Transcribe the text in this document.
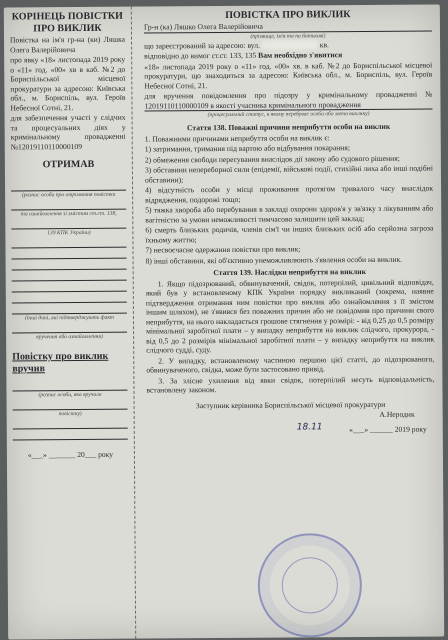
КОРІНЕЦЬ ПОВІСТКИ ПРО ВИКЛИК
Повістка на ім'я гр-на (ки) Ляшка Олега Валерійовича
про явку «18» листопада 2019 року о «11» год. «00» хв в каб. №2 до Бориспільської місцевої прокуратури за адресою: Київська обл., м. Бориспіль, вул. Героїв Небесної Сотні, 21.
для забезпечення участі у слідчих та процесуальних діях у кримінальному провадженні №12019110110000109
ОТРИМАВ
(розпис особи про отримання повістки
та ознайомлення зі змістом ст.ст. 138,
139 КПК України)
(інші дані, які підтверджують факт
вручення або ознайомлення)
Повістку про виклик вручив
(розпис особи, яка вручила
повістку)
«___» _______ 20___ року
ПОВІСТКА ПРО ВИКЛИК
Гр-н (ка) Ляшко Олега Валерійовича
(прізвище, ім'я та по батькові)
що зареєстрований за адресою: вул.	кв.
відповідно до вимог ст.ст. 133, 135 Вам необхідно з'явитися
«18» листопада 2019 року о «11» год. «00» хв. в каб. №2 до Бориспільської місцевої прокуратури, що знаходиться за адресою: Київська обл., м. Бориспіль, вул. Героїв Небесної Сотні, 21.
для вручення повідомлення про підозру у кримінальному провадженні № 12019110110000109 в якості учасника кримінального провадження
(процесуальний статус, в якому перебуває особа або мета виклику)
Стаття 138. Поважні причини неприбуття особи на виклик
1. Поважними причинами неприбуття особи на виклик є:
1) затримання, тримання під вартою або відбування покарання;
2) обмеження свободи пересування внаслідок дії закону або судового рішення;
3) обставини непереборної сили (епідемії, військові події, стихійні лиха або інші подібні обставини);
4) відсутність особи у місці проживання протягом тривалого часу внаслідок відрядження, подорожі тощо;
5) тяжка хвороба або перебування в закладі охорони здоров'я у зв'язку з лікуванням або вагітністю за умови неможливості тимчасово залишити цей заклад;
6) смерть близьких родичів, членів сім'ї чи інших близьких осіб або серйозна загроза їхньому життю;
7) несвоєчасне одержання повістки про виклик;
8) інші обставини, які об'єктивно унеможливлюють з'явлення особи на виклик.
Стаття 139. Наслідки неприбуття на виклик
1. Якщо підозрюваний, обвинувачений, свідок, потерпілий, цивільний відповідач, який був у встановленому КПК України порядку викликаний (зокрема, наявне підтвердження отримання ним повістки про виклик або ознайомлення з її змістом іншим шляхом), не з'явився без поважних причин або не повідомив про причини свого неприбуття, на нього накладається грошове стягнення у розмірі: - від 0,25 до 0,5 розміру мінімальної заробітної плати – у випадку неприбуття на виклик слідчого, прокурора, - від 0,5 до 2 розмірів мінімальної заробітної плати – у випадку неприбуття на виклик слідчого судді, суду.
2. У випадку, встановленому частиною першою цієї статті, до підозрюваного, обвинуваченого, свідка, може бути застосовано привід.
3. За злісне ухилення від явки свідок, потерпілий несуть відповідальність, встановлену законом.
Заступник керівника Бориспільської місцевої прокуратури
А.Неродик
18.11	«___» ______ 2019 року
